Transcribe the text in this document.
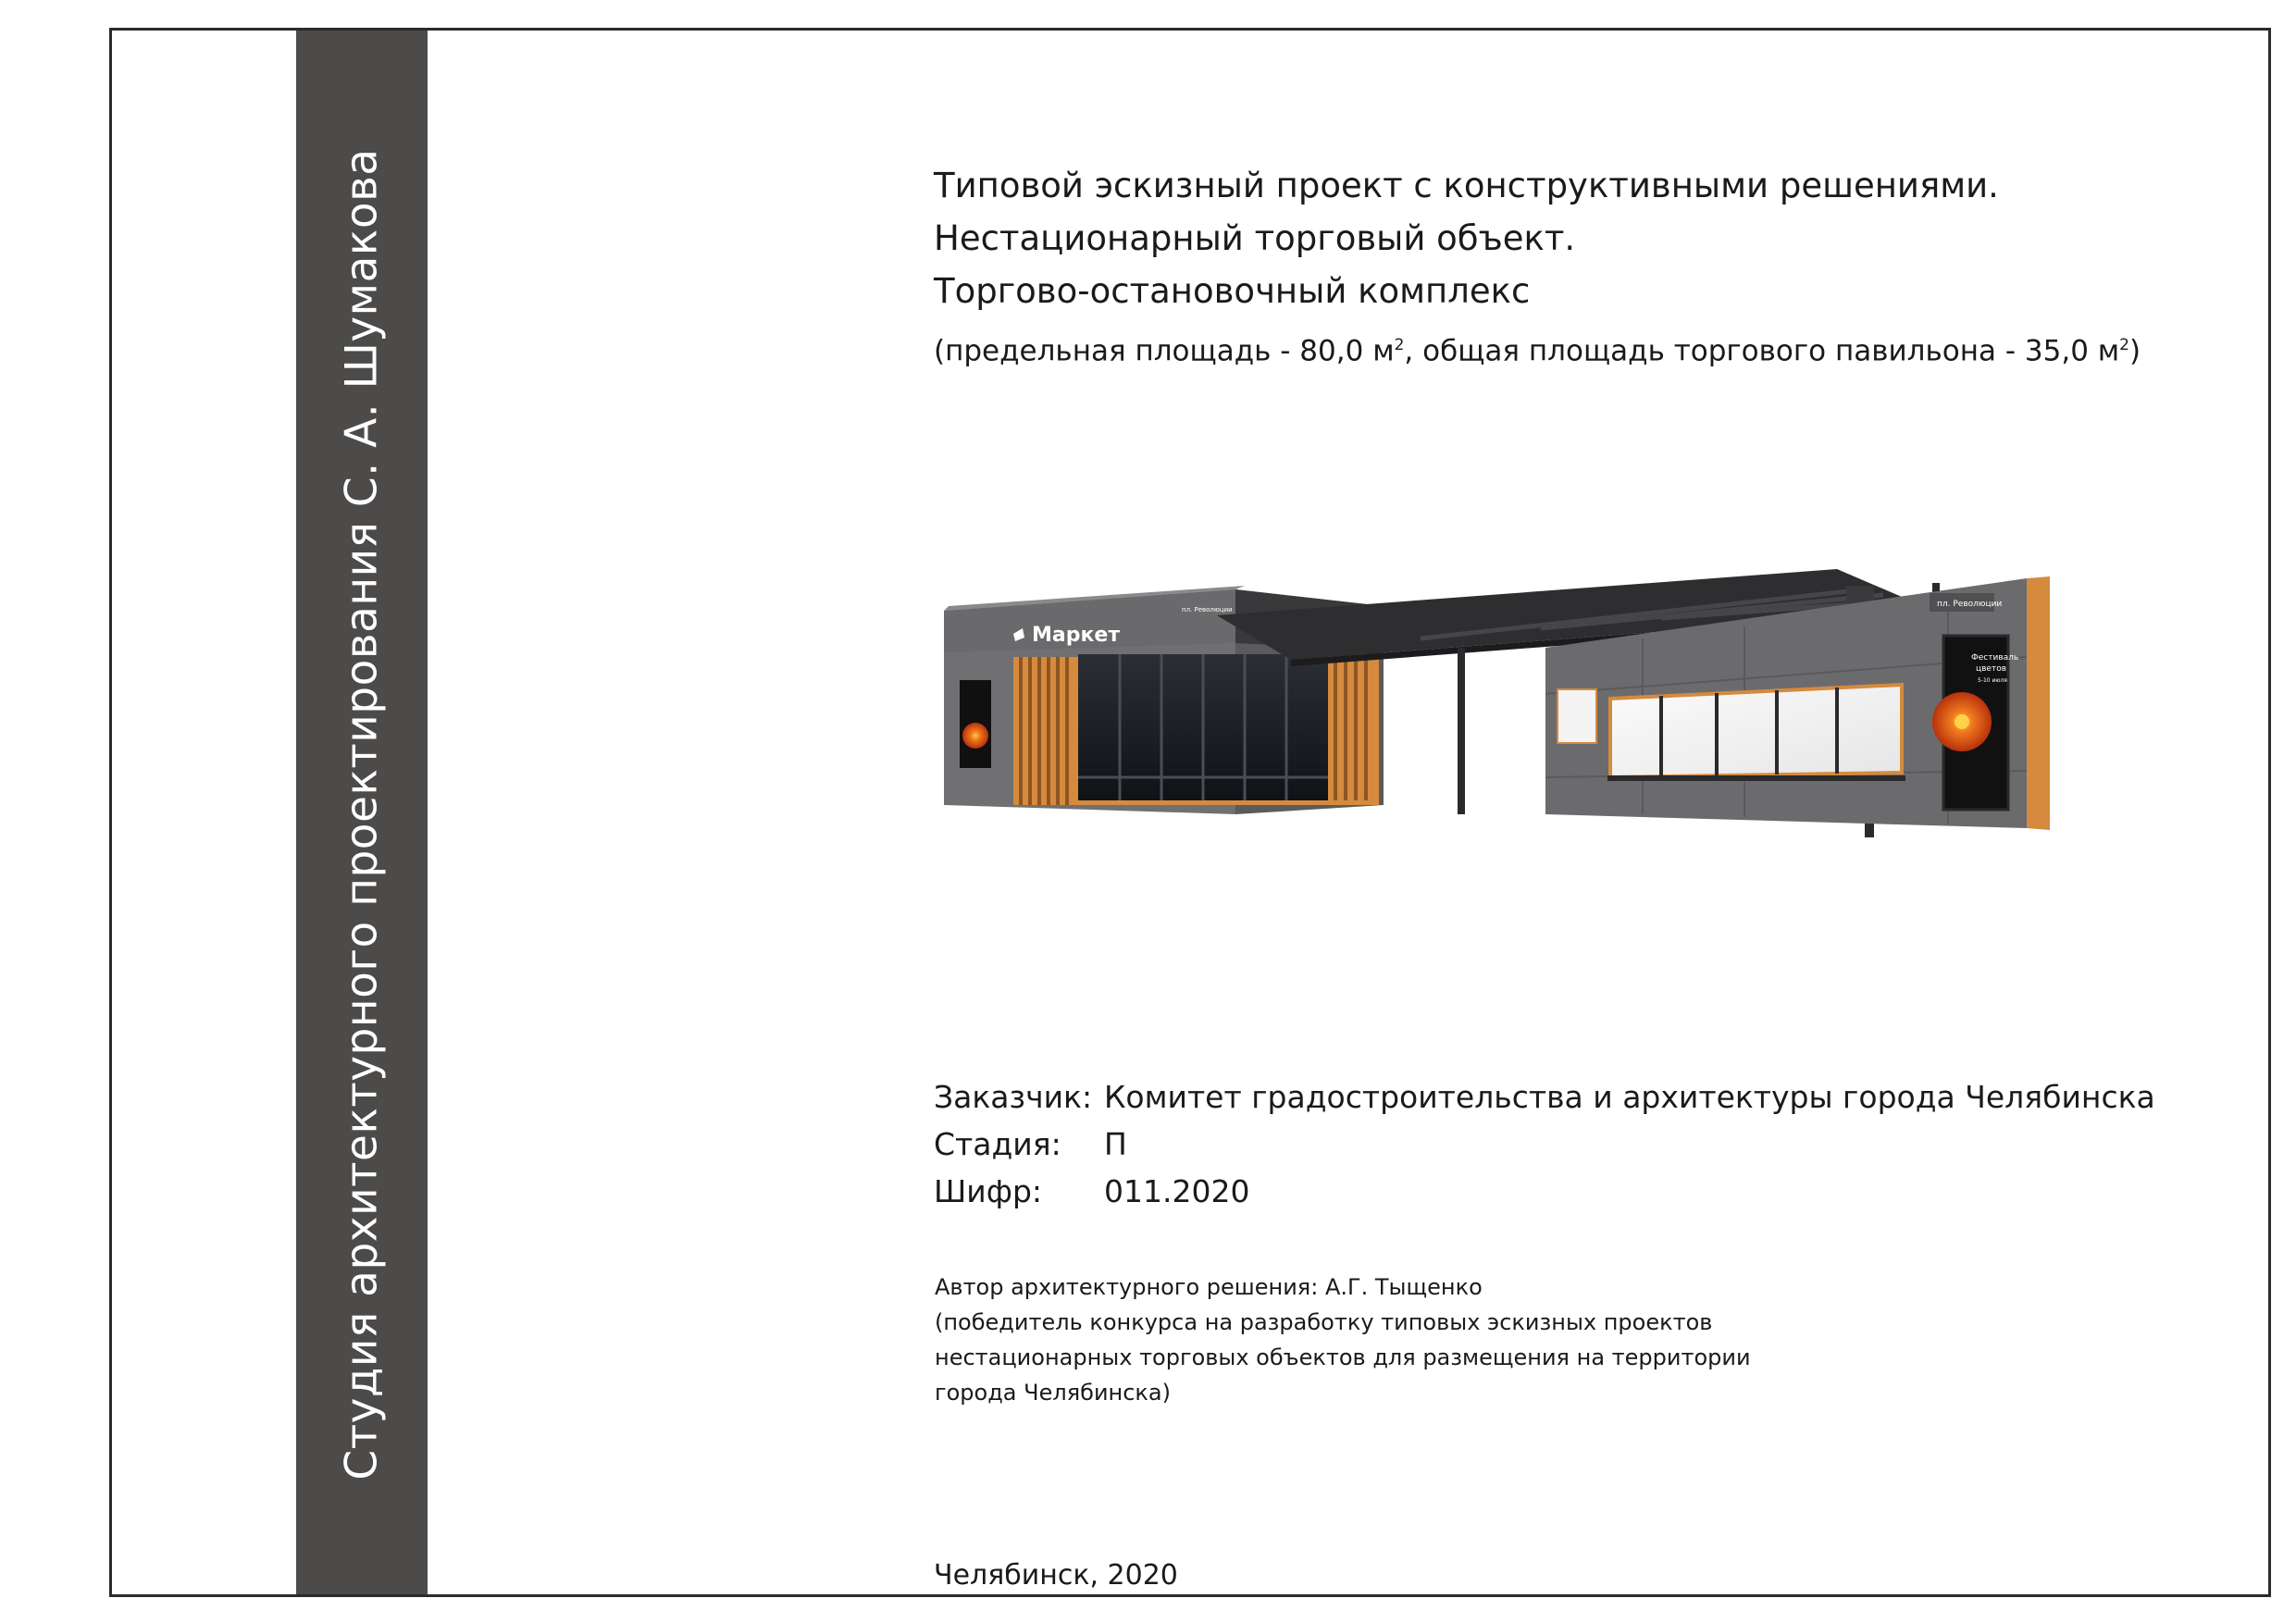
Студия архитектурного проектирования С. А. Шумакова	Типовой эскизный проект с конструктивными решениями.
Нестационарный торговый объект.
Торгово-остановочный комплекс
(предельная площадь - 80,0 $м^2$, общая площадь торгового павильона - 35,0 $м^2$)
Маркет
пл. Революции
пл. Революции
Фестиваль
цветов
5-10 июля
Заказчик: Комитет градостроительства и архитектуры города Челябинска
Стадия:	П
Шифр:	011.2020
Автор архитектурного решения: А.Г. Тыщенко
(победитель конкурса на разработку типовых эскизных проектов
нестационарных торговых объектов для размещения на территории
города Челябинска)
Челябинск, 2020
